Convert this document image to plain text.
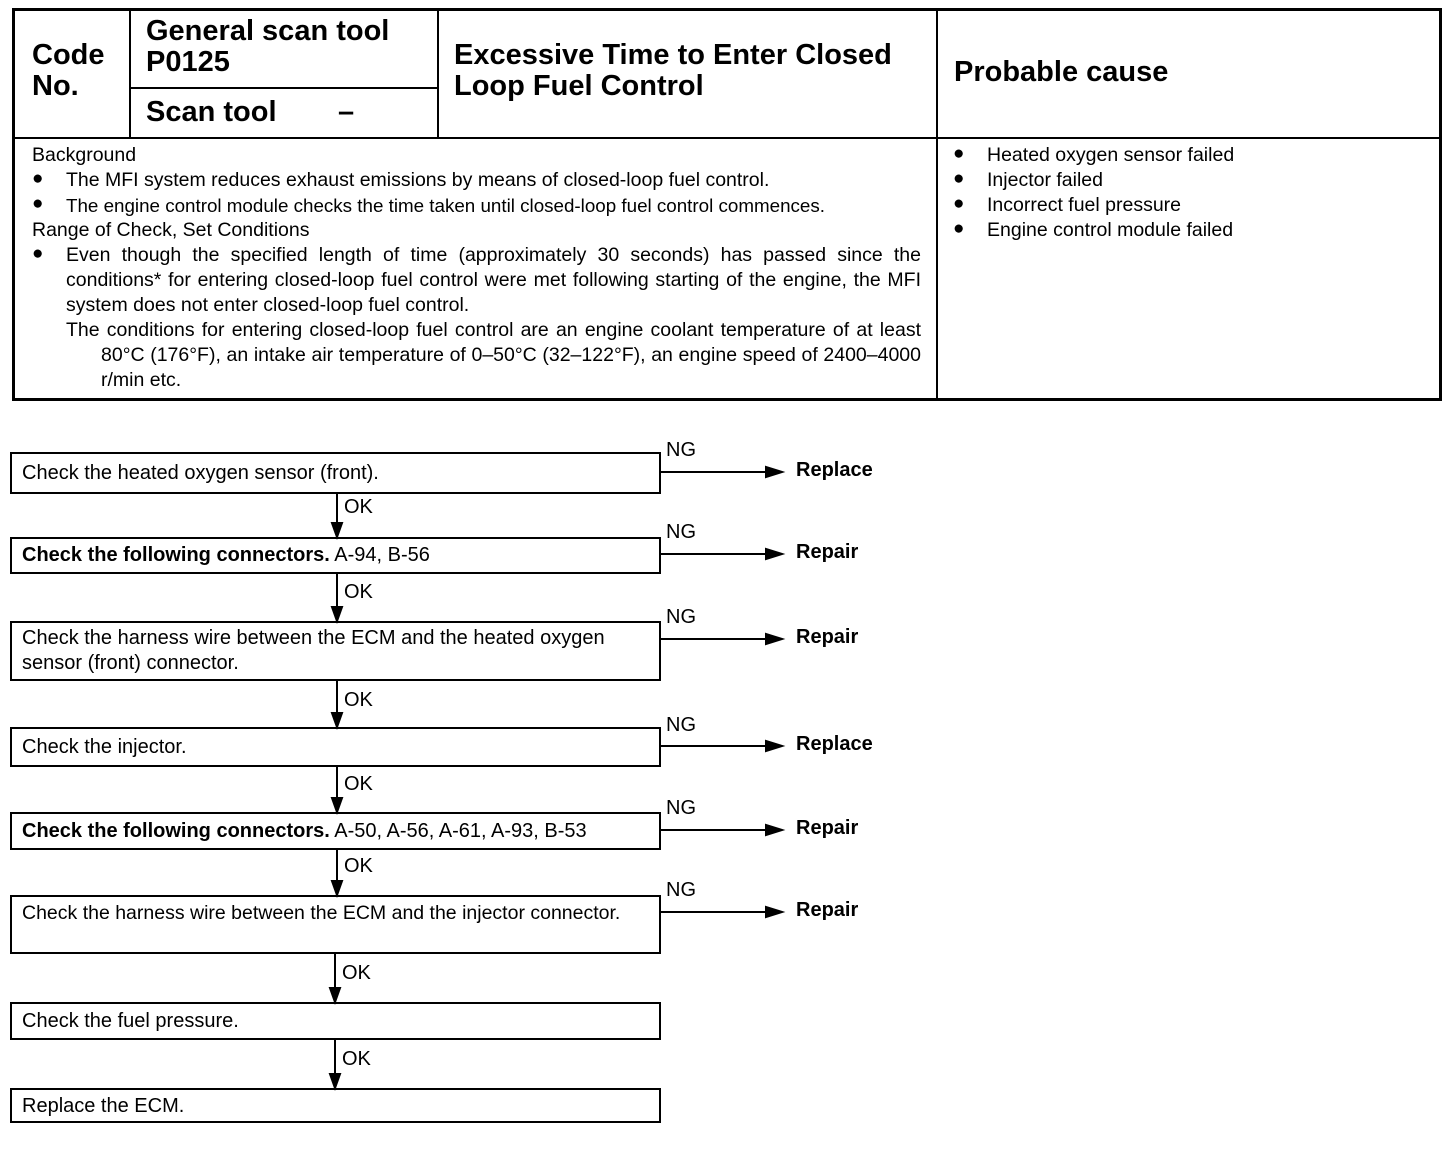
Code
No.
General scan tool
P0125
Scan tool –
Excessive Time to Enter Closed
Loop Fuel Control	Probable cause
Background
● The MFI system reduces exhaust emissions by means of closed-loop fuel control.
● The engine control module checks the time taken until closed-loop fuel control commences.
Range of Check, Set Conditions
● Even though the specified length of time (approximately 30 seconds) has passed since the conditions* for entering closed-loop fuel control were met following starting of the engine, the MFI system does not enter closed-loop fuel control.
The conditions for entering closed-loop fuel control are an engine coolant temperature of at least 80°C (176°F), an intake air temperature of 0–50°C (32–122°F), an engine speed of 2400–4000 r/min etc.
● Heated oxygen sensor failed
● Injector failed
● Incorrect fuel pressure
● Engine control module failed
Check the heated oxygen sensor (front).
Check the following connectors. A-94, B-56
Check the harness wire between the ECM and the heated oxygen sensor (front) connector.
Check the injector.
Check the following connectors. A-50, A-56, A-61, A-93, B-53
Check the harness wire between the ECM and the injector connector.
Check the fuel pressure.
Replace the ECM.
NG
NG
NG
NG
NG
NG
Replace
Repair
Repair
Replace
Repair
Repair
OK
OK
OK
OK
OK
OK
OK
